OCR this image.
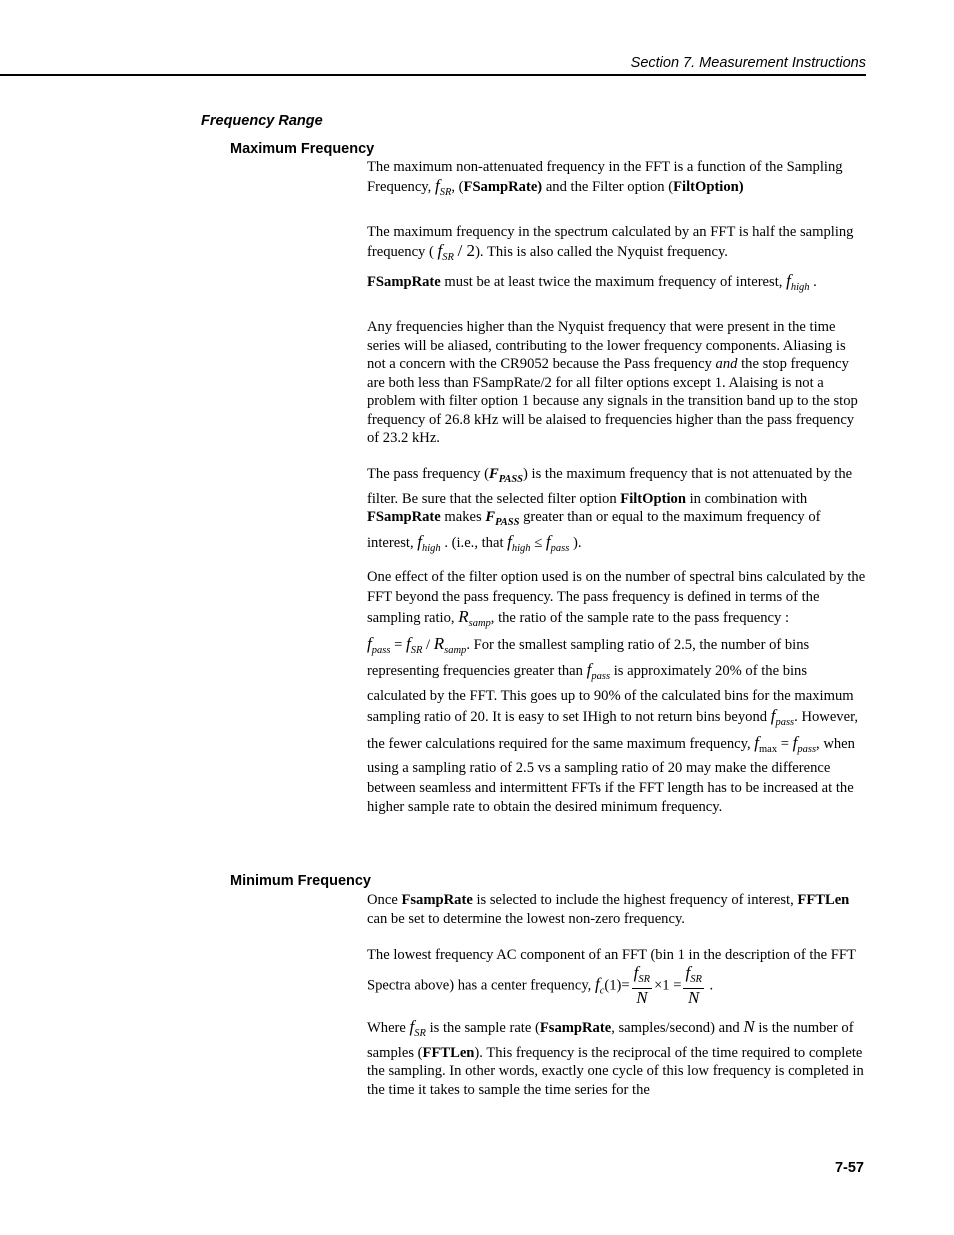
Section 7. Measurement Instructions
Frequency Range
Maximum Frequency

The maximum non-attenuated frequency in the FFT is a function of the Sampling Frequency, $f_{SR}$, (FSampRate) and the Filter option (FiltOption)

The maximum frequency in the spectrum calculated by an FFT is half the sampling frequency ( $f_{SR} / 2$). This is also called the Nyquist frequency.

FSampRate must be at least twice the maximum frequency of interest, $f_{high}$ .

Any frequencies higher than the Nyquist frequency that were present in the time series will be aliased, contributing to the lower frequency components. Aliasing is not a concern with the CR9052 because the Pass frequency and the stop frequency are both less than FSampRate/2 for all filter options except 1. Alaising is not a problem with filter option 1 because any signals in the transition band up to the stop frequency of 26.8 kHz will be alaised to frequencies higher than the pass frequency of 23.2 kHz.

The pass frequency $(F_{PASS})$ is the maximum frequency that is not attenuated by the filter. Be sure that the selected filter option FiltOption in combination with FSampRate makes $F_{PASS}$ greater than or equal to the maximum frequency of interest, $f_{high}$ . (i.e., that $f_{high} \le f_{pass}$ ).

One effect of the filter option used is on the number of spectral bins calculated by the FFT beyond the pass frequency. The pass frequency is defined in terms of the sampling ratio, $R_{samp}$, the ratio of the sample rate to the pass frequency :
$f_{pass} = f_{SR} / R_{samp}$. For the smallest sampling ratio of 2.5, the number of bins representing frequencies greater than $f_{pass}$ is approximately 20% of the bins calculated by the FFT. This goes up to 90% of the calculated bins for the maximum sampling ratio of 20. It is easy to set IHigh to not return bins beyond $f_{pass}$. However, the fewer calculations required for the same maximum frequency, $f_{max} = f_{pass}$, when using a sampling ratio of 2.5 vs a sampling ratio of 20 may make the difference between seamless and intermittent FFTs if the FFT length has to be increased at the higher sample rate to obtain the desired minimum frequency.

Minimum Frequency

Once FsampRate is selected to include the highest frequency of interest, FFTLen can be set to determine the lowest non-zero frequency.

The lowest frequency AC component of an FFT (bin 1 in the description of the FFT Spectra above) has a center frequency, $f_c(1)= \frac{f_{SR}}{N} \times 1 = \frac{f_{SR}}{N}$ .

Where $f_{SR}$ is the sample rate (FsampRate, samples/second) and N is the number of samples (FFTLen). This frequency is the reciprocal of the time required to complete the sampling. In other words, exactly one cycle of this low frequency is completed in the time it takes to sample the time series for the

7-57
